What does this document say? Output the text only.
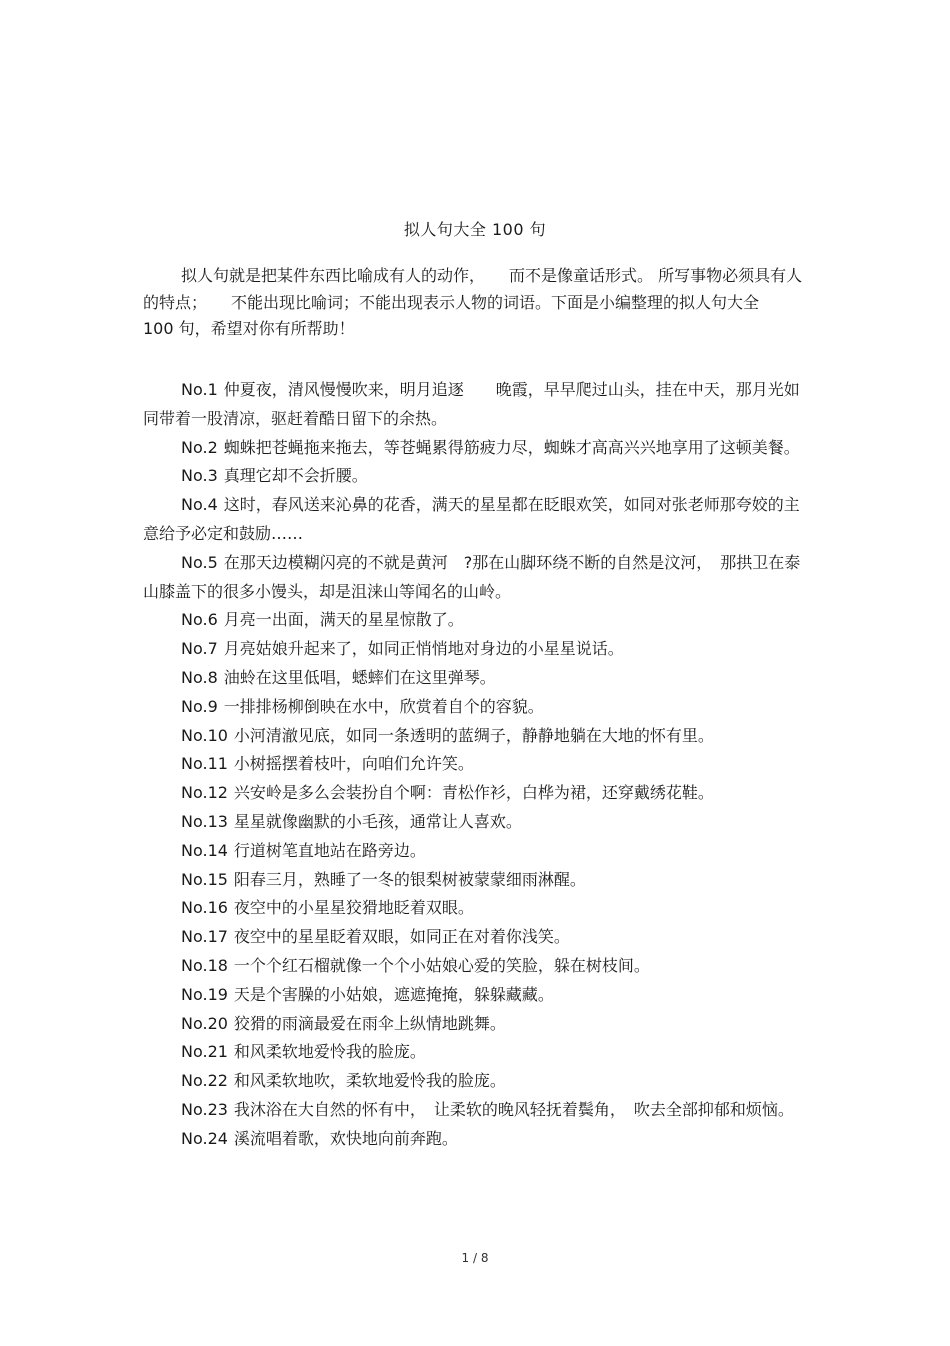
拟人句大全 100 句

拟人句就是把某件东西比喻成有人的动作，　　而不是像童话形式。 所写事物必须具有人的特点；　　不能出现比喻词；不能出现表示人物的词语。下面是小编整理的拟人句大全　100 句，希望对你有所帮助！

No.1 仲夏夜，清风慢慢吹来，明月追逐　　晚霞，早早爬过山头，挂在中天，那月光如同带着一股清凉，驱赶着酷日留下的余热。

No.2 蜘蛛把苍蝇拖来拖去，等苍蝇累得筋疲力尽，蜘蛛才高高兴兴地享用了这顿美餐。

No.3 真理它却不会折腰。

No.4 这时，春风送来沁鼻的花香，满天的星星都在眨眼欢笑，如同对张老师那夸姣的主意给予必定和鼓励……

No.5 在那天边模糊闪亮的不就是黄河　?那在山脚环绕不断的自然是汶河，　那拱卫在泰山膝盖下的很多小馒头，却是沮涞山等闻名的山岭。

No.6 月亮一出面，满天的星星惊散了。

No.7 月亮姑娘升起来了，如同正悄悄地对身边的小星星说话。

No.8 油蛉在这里低唱，蟋蟀们在这里弹琴。

No.9 一排排杨柳倒映在水中，欣赏着自个的容貌。

No.10 小河清澈见底，如同一条透明的蓝绸子，静静地躺在大地的怀有里。

No.11 小树摇摆着枝叶，向咱们允许笑。

No.12 兴安岭是多么会装扮自个啊：青松作衫，白桦为裙，还穿戴绣花鞋。

No.13 星星就像幽默的小毛孩，通常让人喜欢。

No.14 行道树笔直地站在路旁边。

No.15 阳春三月，熟睡了一冬的银梨树被蒙蒙细雨淋醒。

No.16 夜空中的小星星狡猾地眨着双眼。

No.17 夜空中的星星眨着双眼，如同正在对着你浅笑。

No.18 一个个红石榴就像一个个小姑娘心爱的笑脸，躲在树枝间。

No.19 天是个害臊的小姑娘，遮遮掩掩，躲躲藏藏。

No.20 狡猾的雨滴最爱在雨伞上纵情地跳舞。

No.21 和风柔软地爱怜我的脸庞。

No.22 和风柔软地吹，柔软地爱怜我的脸庞。

No.23 我沐浴在大自然的怀有中，　让柔软的晚风轻抚着鬓角，　吹去全部抑郁和烦恼。

No.24 溪流唱着歌，欢快地向前奔跑。

1 / 8
